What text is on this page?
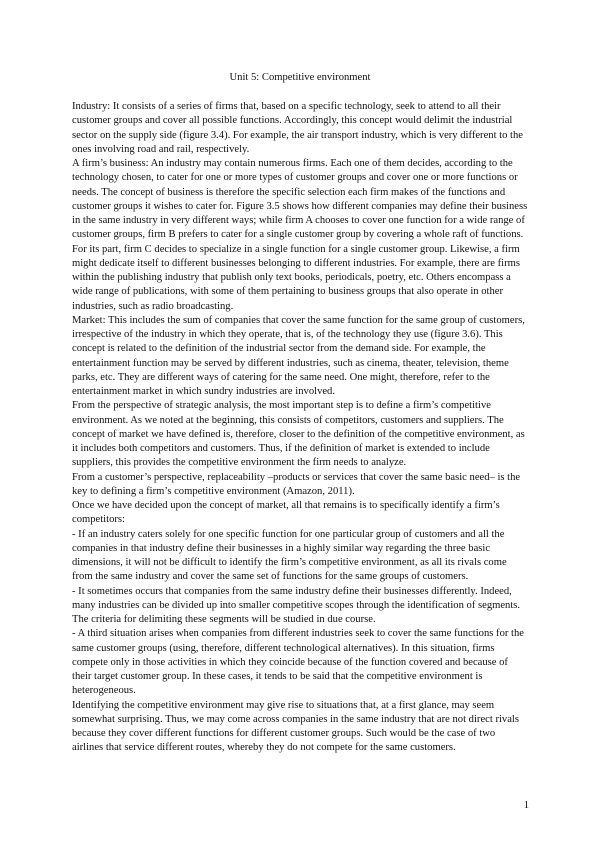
Unit 5: Competitive environment

Industry: It consists of a series of firms that, based on a specific technology, seek to attend to all their customer groups and cover all possible functions. Accordingly, this concept would delimit the industrial sector on the supply side (figure 3.4). For example, the air transport industry, which is very different to the ones involving road and rail, respectively.

A firm’s business: An industry may contain numerous firms. Each one of them decides, according to the technology chosen, to cater for one or more types of customer groups and cover one or more functions or needs. The concept of business is therefore the specific selection each firm makes of the functions and customer groups it wishes to cater for. Figure 3.5 shows how different companies may define their business in the same industry in very different ways; while firm A chooses to cover one function for a wide range of customer groups, firm B prefers to cater for a single customer group by covering a whole raft of functions. For its part, firm C decides to specialize in a single function for a single customer group. Likewise, a firm might dedicate itself to different businesses belonging to different industries. For example, there are firms within the publishing industry that publish only text books, periodicals, poetry, etc. Others encompass a wide range of publications, with some of them pertaining to business groups that also operate in other industries, such as radio broadcasting.

Market: This includes the sum of companies that cover the same function for the same group of customers, irrespective of the industry in which they operate, that is, of the technology they use (figure 3.6). This concept is related to the definition of the industrial sector from the demand side. For example, the entertainment function may be served by different industries, such as cinema, theater, television, theme parks, etc. They are different ways of catering for the same need. One might, therefore, refer to the entertainment market in which sundry industries are involved.

From the perspective of strategic analysis, the most important step is to define a firm’s competitive environment. As we noted at the beginning, this consists of competitors, customers and suppliers. The concept of market we have defined is, therefore, closer to the definition of the competitive environment, as it includes both competitors and customers. Thus, if the definition of market is extended to include suppliers, this provides the competitive environment the firm needs to analyze.

From a customer’s perspective, replaceability –products or services that cover the same basic need– is the key to defining a firm’s competitive environment (Amazon, 2011).

Once we have decided upon the concept of market, all that remains is to specifically identify a firm’s competitors:

- If an industry caters solely for one specific function for one particular group of customers and all the companies in that industry define their businesses in a highly similar way regarding the three basic dimensions, it will not be difficult to identify the firm’s competitive environment, as all its rivals come from the same industry and cover the same set of functions for the same groups of customers.

- It sometimes occurs that companies from the same industry define their businesses differently. Indeed, many industries can be divided up into smaller competitive scopes through the identification of segments. The criteria for delimiting these segments will be studied in due course.

- A third situation arises when companies from different industries seek to cover the same functions for the same customer groups (using, therefore, different technological alternatives). In this situation, firms compete only in those activities in which they coincide because of the function covered and because of their target customer group. In these cases, it tends to be said that the competitive environment is heterogeneous.

Identifying the competitive environment may give rise to situations that, at a first glance, may seem somewhat surprising. Thus, we may come across companies in the same industry that are not direct rivals because they cover different functions for different customer groups. Such would be the case of two airlines that service different routes, whereby they do not compete for the same customers.

1
